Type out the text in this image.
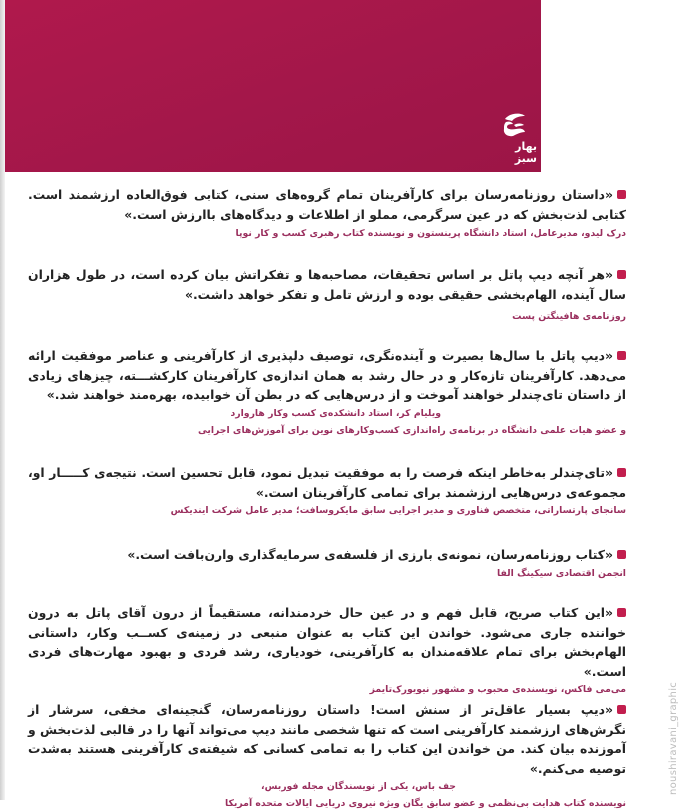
بهار سبز
«داستان روزنامه‌رسان برای کارآفرینان تمام گروه‌های سنی، کتابی فوق‌العاده ارزشمند است. کتابی لذت‌بخش که در عین سرگرمی، مملو از اطلاعات و دیدگاه‌های باارزش است.»
درک لیدو، مدیرعامل، استاد دانشگاه پرینستون و نویسنده کتاب رهبری کسب و کار نوپا
«هر آنچه دیپ پاتل بر اساس تحقیقات، مصاحبه‌ها و تفکراتش بیان کرده است، در طول هزاران سال آینده، الهام‌بخشی حقیقی بوده و ارزش تامل و تفکر خواهد داشت.»
روزنامه‌ی هافینگتن پست
«دیپ پاتل با سال‌ها بصیرت و آینده‌نگری، توصیف دلپذیری از کارآفرینی و عناصر موفقیت ارائه می‌دهد. کارآفرینان تازه‌کار و در حال رشد به همان اندازه‌ی کارآفرینان کارکشـــته، چیزهای زیادی از داستان تای‌چندلر خواهند آموخت و از درس‌هایی که در بطن آن خوابیده، بهره‌مند خواهند شد.»
ویلیام کر، استاد دانشکده‌ی کسب وکار هاروارد
و عضو هیات علمی دانشگاه در برنامه‌ی راه‌اندازی کسب‌وکارهای نوین برای آموزش‌های اجرایی
«تای‌چندلر به‌خاطر اینکه فرصت را به موفقیت تبدیل نمود، قابل تحسین است. نتیجه‌ی کـــــار او، مجموعه‌ی درس‌هایی ارزشمند برای تمامی کارآفرینان است.»
سانجای پارتساراتی، متخصص فناوری و مدیر اجرایی سابق مایکروسافت؛ مدیر عامل شرکت ایندیکس
«کتاب روزنامه‌رسان، نمونه‌ی بارزی از فلسفه‌ی سرمایه‌گذاری وارن‌بافت است.»
انجمن اقتصادی سیکینگ الفا
«این کتاب صریح، قابل فهم و در عین حال خردمندانه، مستقیماً از درون آقای پاتل به درون خواننده جاری می‌شود. خواندن این کتاب به عنوان منبعی در زمینه‌ی کســب وکار، داستانی الهام‌بخش برای تمام علاقه‌مندان به کارآفرینی، خودیاری، رشد فردی و بهبود مهارت‌های فردی است.»
می‌می فاکس، نویسنده‌ی محبوب و مشهور نیویورک‌تایمز
«دیپ بسیار عاقل‌تر از سنش است! داستان روزنامه‌رسان، گنجینه‌ای مخفی، سرشار از نگرش‌های ارزشمند کارآفرینی است که تنها شخصی مانند دیپ می‌تواند آنها را در قالبی لذت‌بخش و آموزنده بیان کند. من خواندن این کتاب را به تمامی کسانی که شیفته‌ی کارآفرینی هستند به‌شدت توصیه می‌کنم.»
جف باس، یکی از نویسندگان مجله فوربس،
نویسنده کتاب هدایت بی‌نظمی و عضو سابق یگان ویژه نیروی دریایی ایالات متحده آمریکا
noushiravani_graphic
